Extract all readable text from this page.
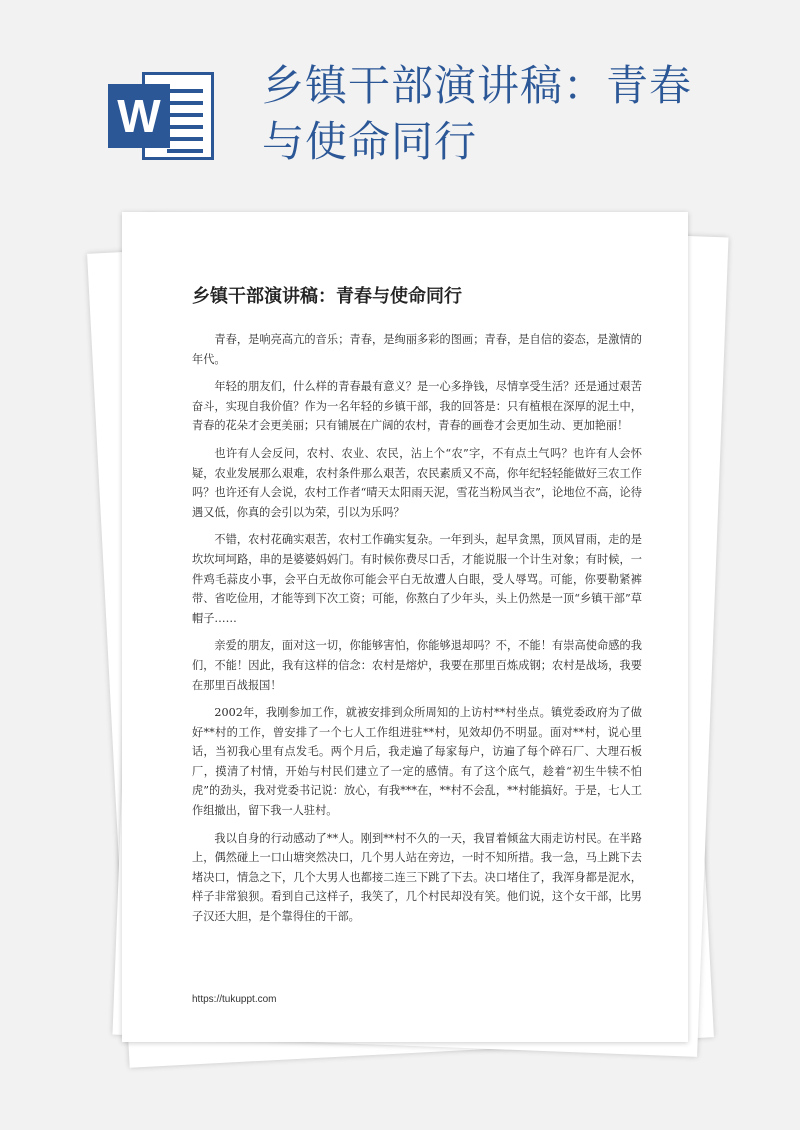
W
乡镇干部演讲稿：青春与使命同行
乡镇干部演讲稿：青春与使命同行

青春，是响亮高亢的音乐；青春，是绚丽多彩的图画；青春，是自信的姿态，是激情的年代。

年轻的朋友们，什么样的青春最有意义？是一心多挣钱，尽情享受生活？还是通过艰苦奋斗，实现自我价值？作为一名年轻的乡镇干部，我的回答是：只有植根在深厚的泥土中，青春的花朵才会更美丽；只有铺展在广阔的农村，青春的画卷才会更加生动、更加艳丽！

也许有人会反问，农村、农业、农民，沾上个“农”字，不有点土气吗？也许有人会怀疑，农业发展那么艰难，农村条件那么艰苦，农民素质又不高，你年纪轻轻能做好三农工作吗？也许还有人会说，农村工作者“晴天太阳雨天泥，雪花当粉风当衣”，论地位不高，论待遇又低，你真的会引以为荣，引以为乐吗？

不错，农村花确实艰苦，农村工作确实复杂。一年到头，起早贪黑，顶风冒雨，走的是坎坎坷坷路，串的是婆婆妈妈门。有时候你费尽口舌，才能说服一个计生对象；有时候，一件鸡毛蒜皮小事，会平白无故你可能会平白无故遭人白眼，受人辱骂。可能，你要勒紧裤带、省吃俭用，才能等到下次工资；可能，你熬白了少年头，头上仍然是一顶“乡镇干部”草帽子……

亲爱的朋友，面对这一切，你能够害怕，你能够退却吗？不，不能！有崇高使命感的我们，不能！因此，我有这样的信念：农村是熔炉，我要在那里百炼成钢；农村是战场，我要在那里百战报国！

2002年，我刚参加工作，就被安排到众所周知的上访村**村坐点。镇党委政府为了做好**村的工作，曾安排了一个七人工作组进驻**村，见效却仍不明显。面对**村，说心里话，当初我心里有点发毛。两个月后，我走遍了每家每户，访遍了每个碎石厂、大理石板厂，摸清了村情，开始与村民们建立了一定的感情。有了这个底气，趁着“初生牛犊不怕虎”的劲头，我对党委书记说：放心，有我***在，**村不会乱，**村能搞好。于是，七人工作组撤出，留下我一人驻村。

我以自身的行动感动了**人。刚到**村不久的一天，我冒着倾盆大雨走访村民。在半路上，偶然碰上一口山塘突然决口，几个男人站在旁边，一时不知所措。我一急，马上跳下去堵决口，情急之下，几个大男人也都接二连三下跳了下去。决口堵住了，我浑身都是泥水，样子非常狼狈。看到自己这样子，我笑了，几个村民却没有笑。他们说，这个女干部，比男子汉还大胆，是个靠得住的干部。

https://tukuppt.com
